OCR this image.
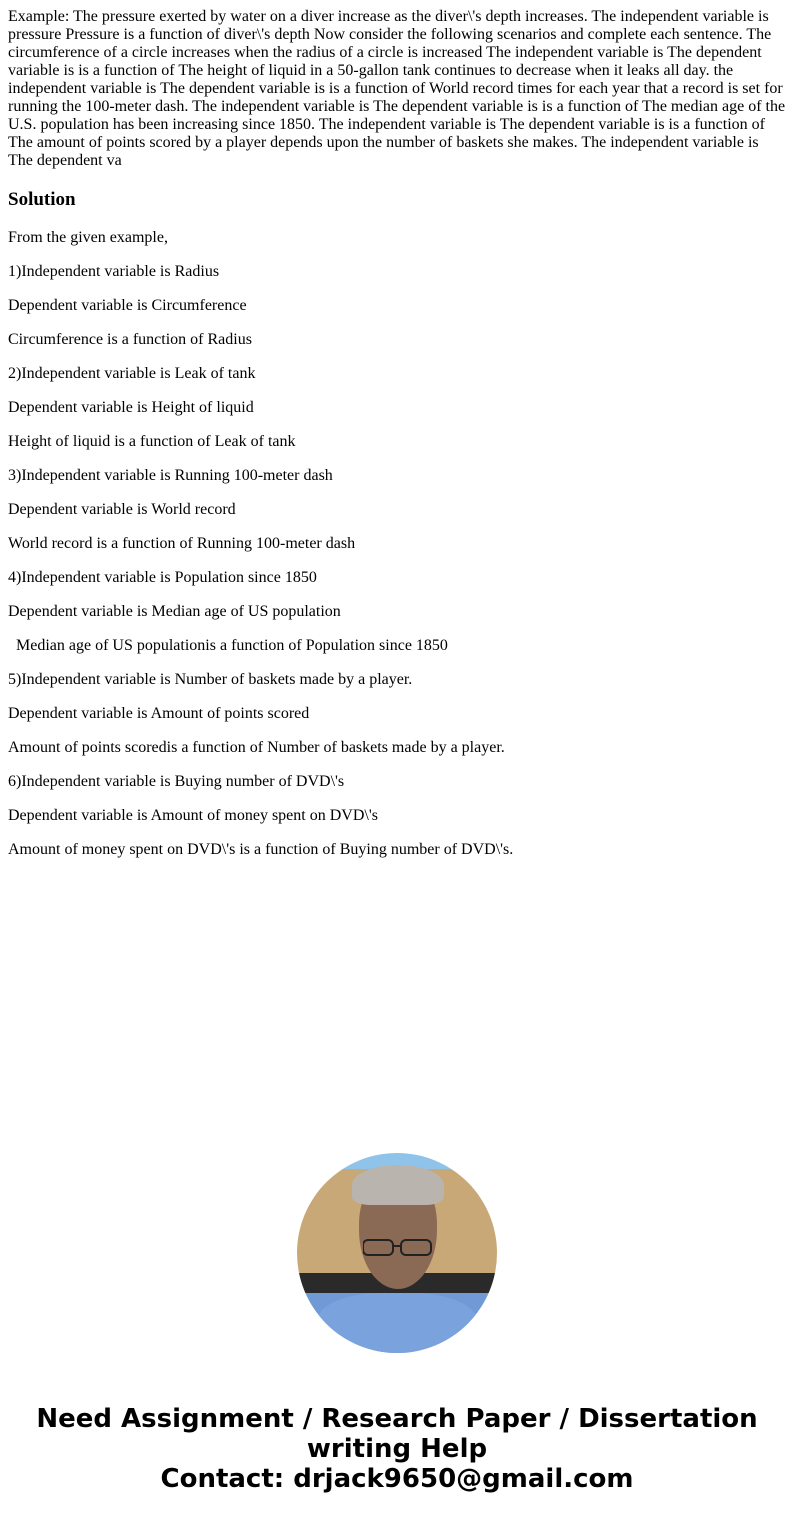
Example: The pressure exerted by water on a diver increase as the diver\'s depth increases. The independent variable is pressure Pressure is a function of diver\'s depth Now consider the following scenarios and complete each sentence. The circumference of a circle increases when the radius of a circle is increased The independent variable is The dependent variable is is a function of The height of liquid in a 50-gallon tank continues to decrease when it leaks all day. the independent variable is The dependent variable is is a function of World record times for each year that a record is set for running the 100-meter dash. The independent variable is The dependent variable is is a function of The median age of the U.S. population has been increasing since 1850. The independent variable is The dependent variable is is a function of The amount of points scored by a player depends upon the number of baskets she makes. The independent variable is The dependent va

Solution

From the given example,

1)Independent variable is Radius

Dependent variable is Circumference

Circumference is a function of Radius

2)Independent variable is Leak of tank

Dependent variable is Height of liquid

Height of liquid is a function of Leak of tank

3)Independent variable is Running 100-meter dash

Dependent variable is World record

World record is a function of Running 100-meter dash

4)Independent variable is Population since 1850

Dependent variable is Median age of US population

Median age of US populationis a function of Population since 1850

5)Independent variable is Number of baskets made by a player.

Dependent variable is Amount of points scored

Amount of points scoredis a function of Number of baskets made by a player.

6)Independent variable is Buying number of DVD\'s

Dependent variable is Amount of money spent on DVD\'s

Amount of money spent on DVD\'s is a function of Buying number of DVD\'s.

Need Assignment / Research Paper / Dissertation writing Help
Contact: drjack9650@gmail.com
